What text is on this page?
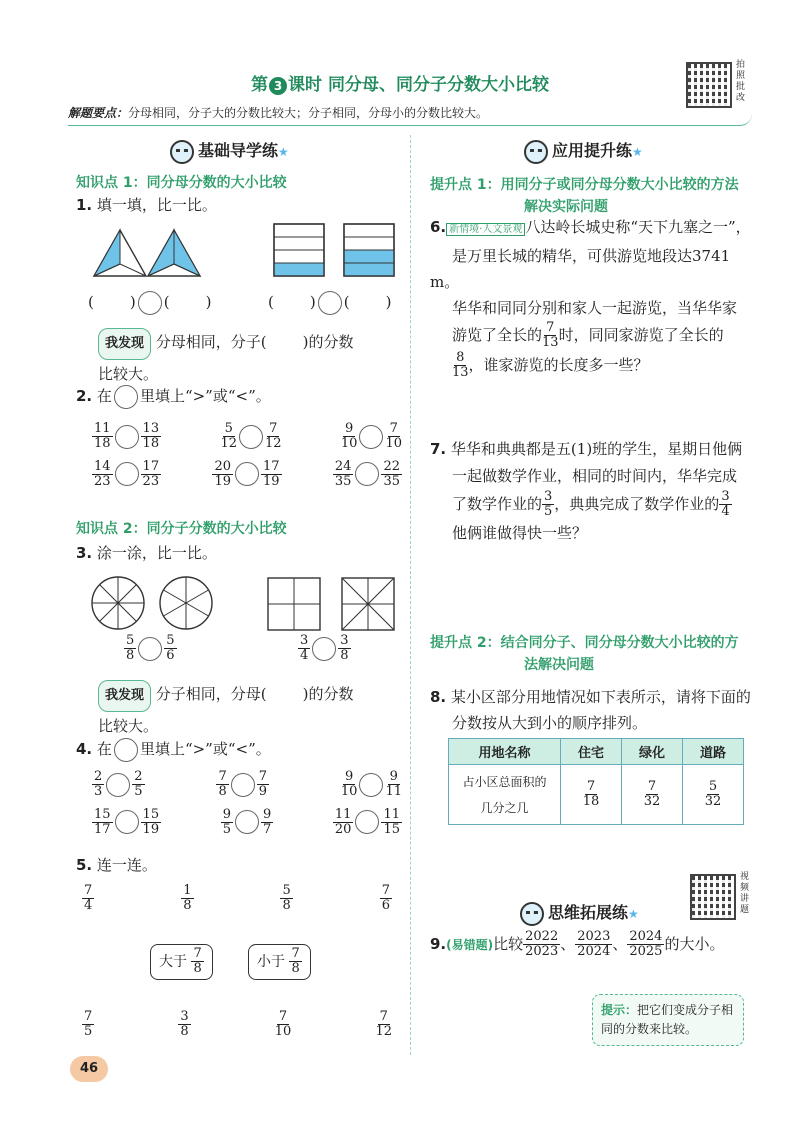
第 3 课时 同分母、同分子分数大小比较
拍照批改
解题要点：分母相同，分子大的分数比较大；分子相同，分母小的分数比较大。
基础导学练★
知识点 1：同分母分数的大小比较
1. 填一填，比一比。
( ) ( )	( ) ( )
我发现 分母相同，分子( )的分数
比较大。
2. 在 里填上“>”或“<”。
$\frac{11}{18} \frac{13}{18}$	$\frac{5}{12} \frac{7}{12}$	$\frac{9}{10} \frac{7}{10}$
$\frac{14}{23} \frac{17}{23}$	$\frac{20}{19} \frac{17}{19}$	$\frac{24}{35} \frac{22}{35}$
知识点 2：同分子分数的大小比较
3. 涂一涂，比一比。
$\frac{5}{8} \frac{5}{6}$	$\frac{3}{4} \frac{3}{8}$
我发现 分子相同，分母( )的分数
比较大。
4. 在 里填上“>”或“<”。
$\frac{2}{3} \frac{2}{5}$	$\frac{7}{8} \frac{7}{9}$	$\frac{9}{10} \frac{9}{11}$
$\frac{15}{17} \frac{15}{19}$	$\frac{9}{5} \frac{9}{7}$	$\frac{11}{20} \frac{11}{15}$
5. 连一连。
$\frac{7}{4}$	$\frac{1}{8}$	$\frac{5}{8}$	$\frac{7}{6}$
大于 $\frac{7}{8}$	小于 $\frac{7}{8}$
$\frac{7}{5}$	$\frac{3}{8}$	$\frac{7}{10}$	$\frac{7}{12}$
应用提升练★
提升点 1：用同分子或同分母分数大小比较的方法
解决实际问题
6. 新情境·人文景观 八达岭长城史称“天下九塞之一”，
是万里长城的精华，可供游览地段达3741 m。
华华和同同分别和家人一起游览，当华华家
游览了全长的 $\frac{7}{13}$ 时，同同家游览了全长的

$\frac{8}{13}$ ，谁家游览的长度多一些？
7. 华华和典典都是五(1)班的学生，星期日他俩
一起做数学作业，相同的时间内，华华完成
了数学作业的 $\frac{3}{5}$ ，典典完成了数学作业的 $\frac{3}{4}$

他俩谁做得快一些？
提升点 2：结合同分子、同分母分数大小比较的方
法解决问题
8. 某小区部分用地情况如下表所示，请将下面的
分数按从大到小的顺序排列。
用地名称	住宅	绿化	道路
占小区总面积的
几分之几	$\frac{7}{18}$	$\frac{7}{32}$	$\frac{5}{32}$
思维拓展练★
视频讲题
9.(易错题)比较 $\frac{2022}{2023}$ 、 $\frac{2023}{2024}$ 、 $\frac{2024}{2025}$ 的大小。
提示：把它们变成分子相同的分数来比较。
46
